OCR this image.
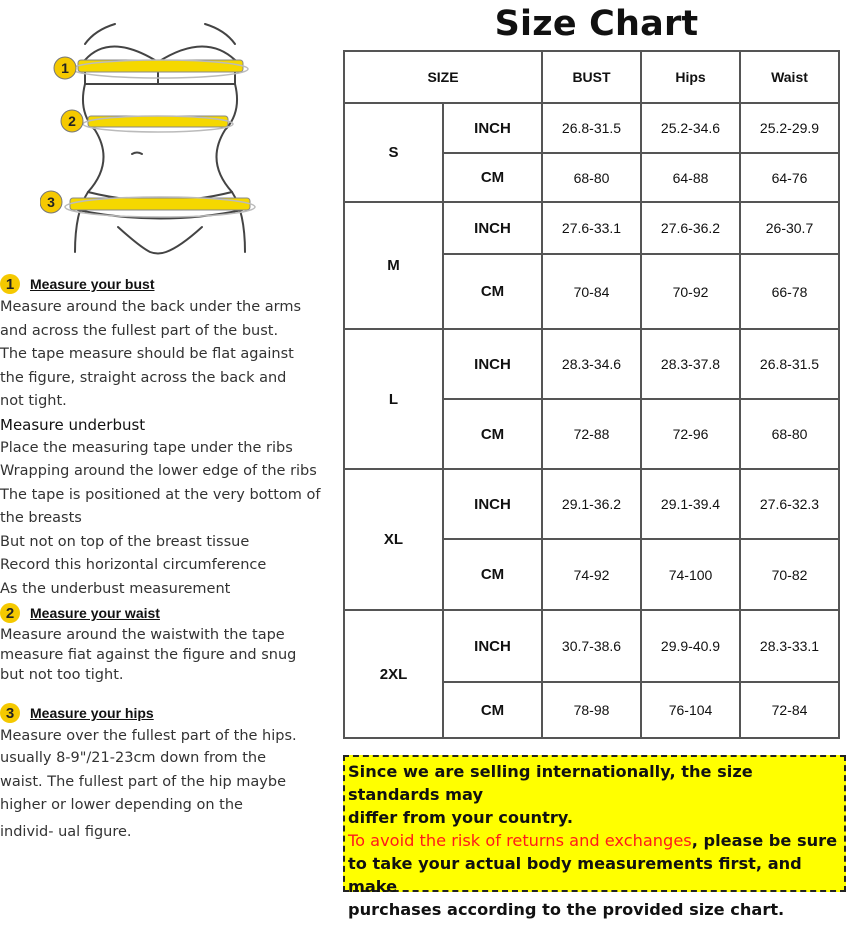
1
2
3
1	Measure your bust
Measure around the back under the arms
and across the fullest part of the bust.
The tape measure should be flat against
the figure, straight across the back and
not tight.
Measure underbust
Place the measuring tape under the ribs
Wrapping around the lower edge of the ribs
The tape is positioned at the very bottom of
the breasts
But not on top of the breast tissue
Record this horizontal circumference
As the underbust measurement
2	Measure your waist
Measure around the waistwith the tape
measure fiat against the figure and snug
but not too tight.
3	Measure your hips
Measure over the fullest part of the hips.
usually 8-9"/21-23cm down from the
waist. The fullest part of the hip maybe
higher or lower depending on the
individ- ual figure.
Size Chart
SIZE		BUST	Hips	Waist
S	INCH	26.8-31.5	25.2-34.6	25.2-29.9
	CM	68-80	64-88	64-76
M	INCH	27.6-33.1	27.6-36.2	26-30.7
	CM	70-84	70-92	66-78
L	INCH	28.3-34.6	28.3-37.8	26.8-31.5
	CM	72-88	72-96	68-80
XL	INCH	29.1-36.2	29.1-39.4	27.6-32.3
	CM	74-92	74-100	70-82
2XL	INCH	30.7-38.6	29.9-40.9	28.3-33.1
	CM	78-98	76-104	72-84
Since we are selling internationally, the size standards may
differ from your country.
To avoid the risk of returns and exchanges, please be sure
to take your actual body measurements first, and make
purchases according to the provided size chart.
